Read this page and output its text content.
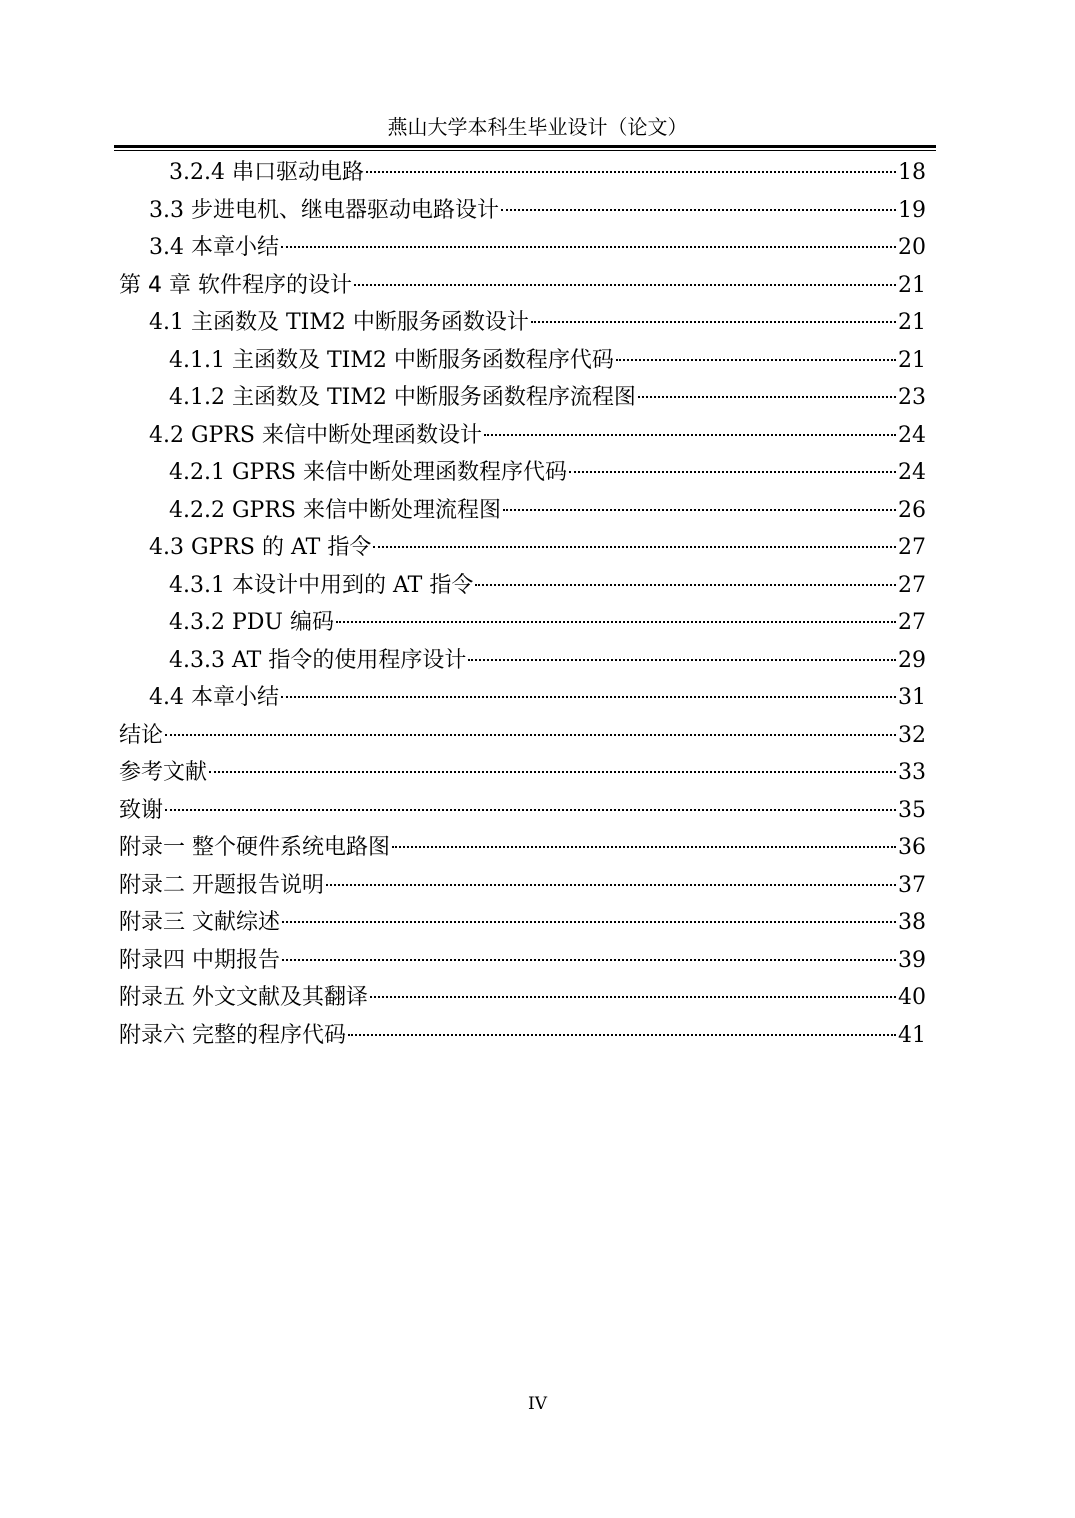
燕山大学本科生毕业设计（论文）
3.2.4 串口驱动电路	18
3.3 步进电机、继电器驱动电路设计	19
3.4 本章小结	20
第 4 章 软件程序的设计	21
4.1 主函数及 TIM2 中断服务函数设计	21
4.1.1 主函数及 TIM2 中断服务函数程序代码	21
4.1.2 主函数及 TIM2 中断服务函数程序流程图	23
4.2 GPRS 来信中断处理函数设计	24
4.2.1 GPRS 来信中断处理函数程序代码	24
4.2.2 GPRS 来信中断处理流程图	26
4.3 GPRS 的 AT 指令	27
4.3.1 本设计中用到的 AT 指令	27
4.3.2 PDU 编码	27
4.3.3 AT 指令的使用程序设计	29
4.4 本章小结	31
结论	32
参考文献	33
致谢	35
附录一 整个硬件系统电路图	36
附录二 开题报告说明	37
附录三 文献综述	38
附录四 中期报告	39
附录五 外文文献及其翻译	40
附录六 完整的程序代码	41
IV
